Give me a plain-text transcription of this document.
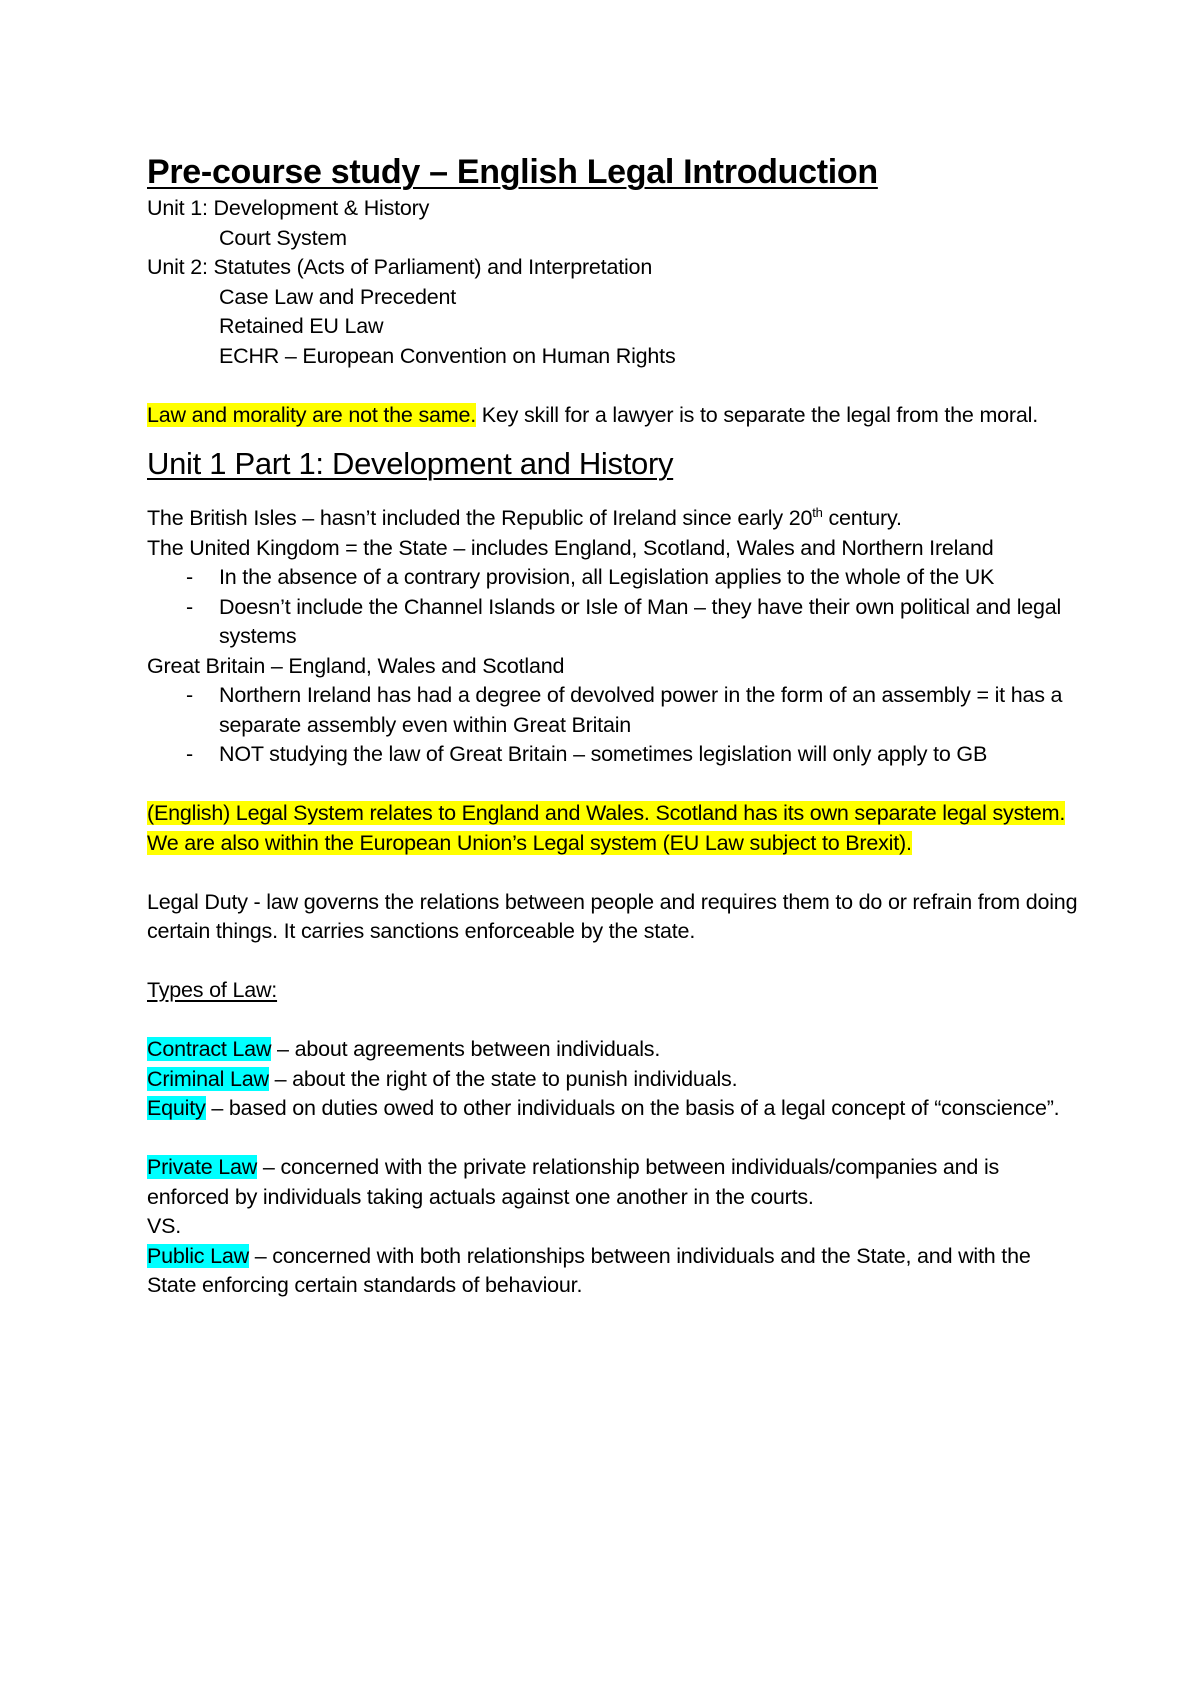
Pre-course study – English Legal Introduction

Unit 1: Development & History

Court System

Unit 2: Statutes (Acts of Parliament) and Interpretation

Case Law and Precedent

Retained EU Law

ECHR – European Convention on Human Rights

Law and morality are not the same. Key skill for a lawyer is to separate the legal from the moral.

Unit 1 Part 1: Development and History

The British Isles – hasn’t included the Republic of Ireland since early 20th century.

The United Kingdom = the State – includes England, Scotland, Wales and Northern Ireland

- In the absence of a contrary provision, all Legislation applies to the whole of the UK

- Doesn’t include the Channel Islands or Isle of Man – they have their own political and legal systems

Great Britain – England, Wales and Scotland

- Northern Ireland has had a degree of devolved power in the form of an assembly = it has a separate assembly even within Great Britain

- NOT studying the law of Great Britain – sometimes legislation will only apply to GB

(English) Legal System relates to England and Wales. Scotland has its own separate legal system. We are also within the European Union’s Legal system (EU Law subject to Brexit).

Legal Duty - law governs the relations between people and requires them to do or refrain from doing certain things. It carries sanctions enforceable by the state.

Types of Law:

Contract Law – about agreements between individuals.

Criminal Law – about the right of the state to punish individuals.

Equity – based on duties owed to other individuals on the basis of a legal concept of “conscience”.

Private Law – concerned with the private relationship between individuals/companies and is enforced by individuals taking actuals against one another in the courts.

VS.

Public Law – concerned with both relationships between individuals and the State, and with the State enforcing certain standards of behaviour.
